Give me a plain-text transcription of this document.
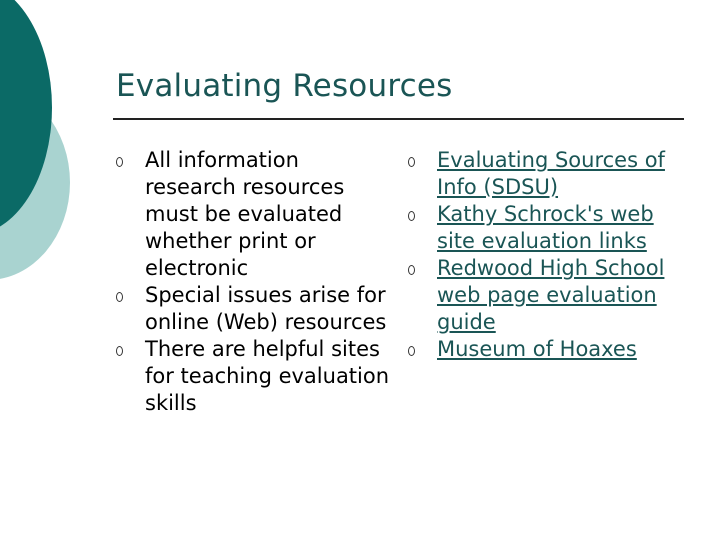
Evaluating Resources
All information research resources must be evaluated whether print or electronic
Special issues arise for online (Web) resources
There are helpful sites for teaching evaluation skills
Evaluating Sources of Info (SDSU)
Kathy Schrock's web site evaluation links
Redwood High School web page evaluation guide
Museum of Hoaxes
